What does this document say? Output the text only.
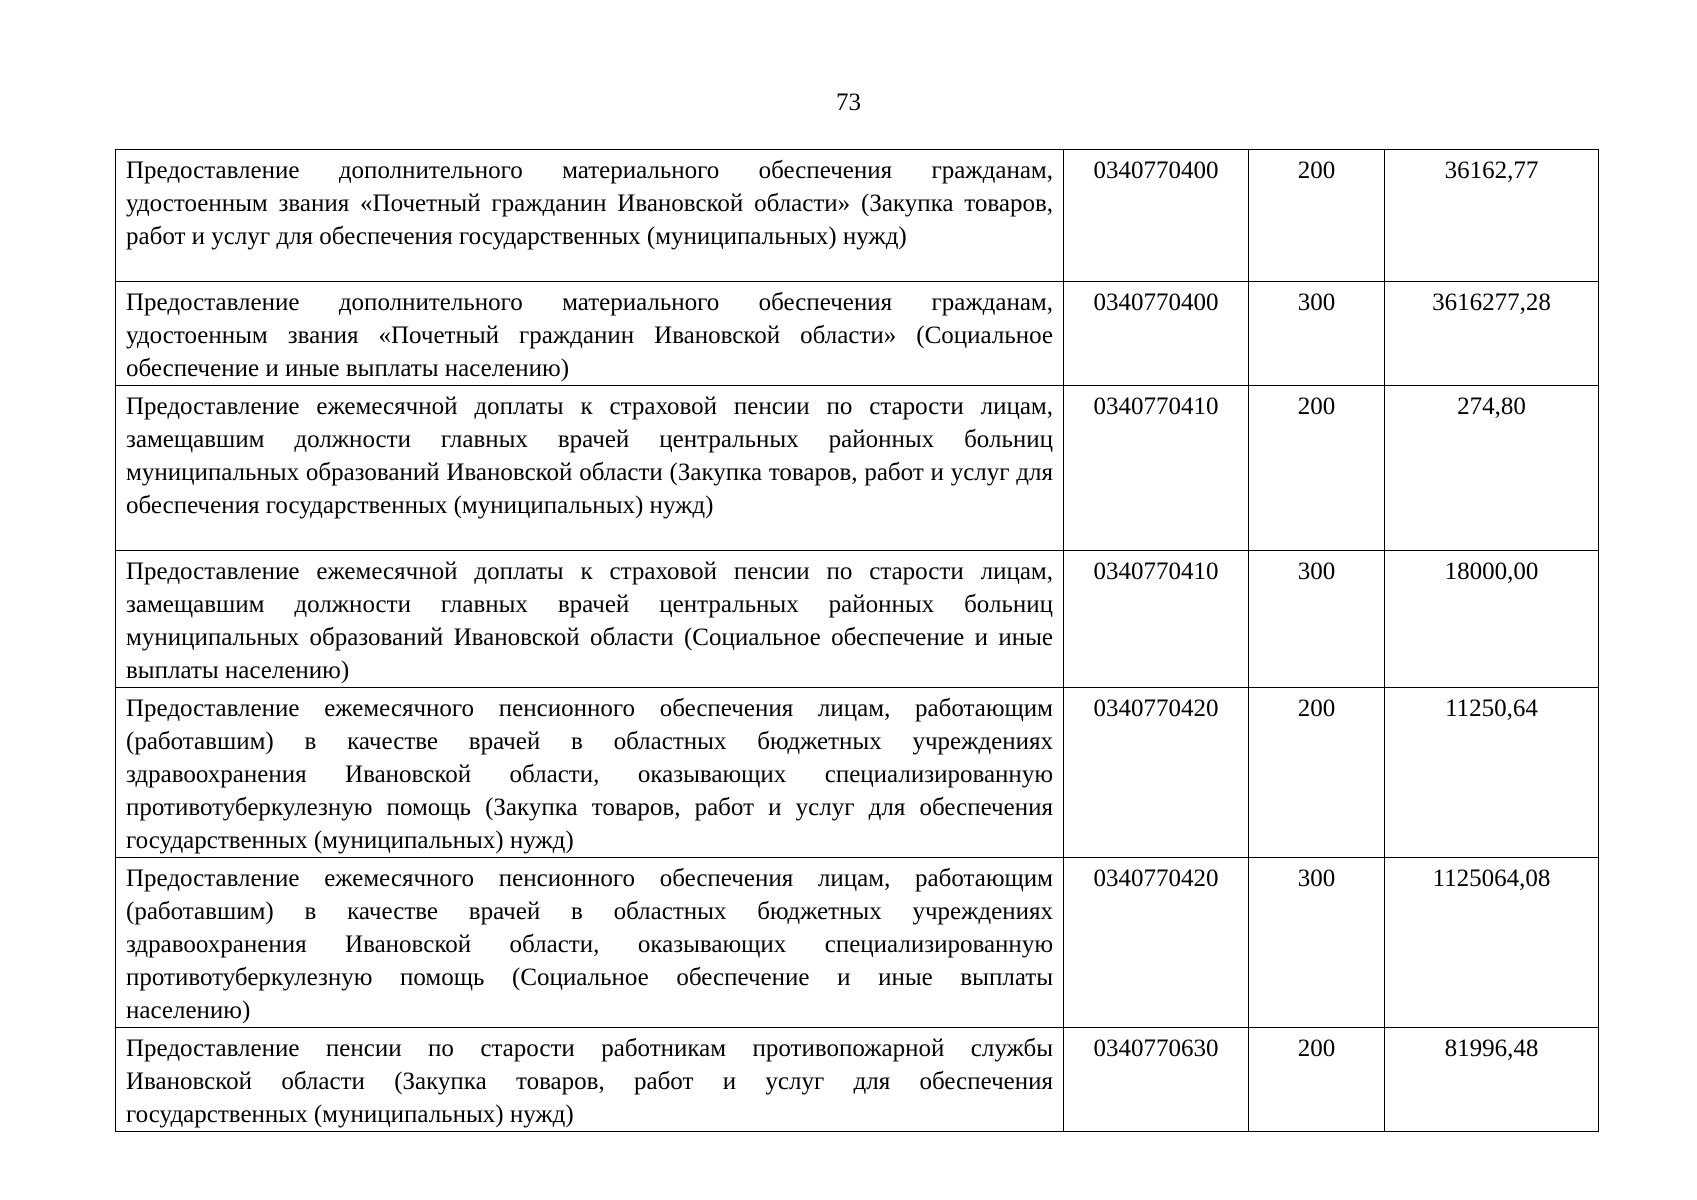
73
Предоставление дополнительного материального обеспечения гражданам, удостоенным звания «Почетный гражданин Ивановской области» (Закупка товаров, работ и услуг для обеспечения государственных (муниципальных) нужд)	0340770400	200	36162,77
Предоставление дополнительного материального обеспечения гражданам, удостоенным звания «Почетный гражданин Ивановской области» (Социальное обеспечение и иные выплаты населению)	0340770400	300	3616277,28
Предоставление ежемесячной доплаты к страховой пенсии по старости лицам, замещавшим должности главных врачей центральных районных больниц муниципальных образований Ивановской области (Закупка товаров, работ и услуг для обеспечения государственных (муниципальных) нужд)	0340770410	200	274,80
Предоставление ежемесячной доплаты к страховой пенсии по старости лицам, замещавшим должности главных врачей центральных районных больниц муниципальных образований Ивановской области (Социальное обеспечение и иные выплаты населению)	0340770410	300	18000,00
Предоставление ежемесячного пенсионного обеспечения лицам, работающим (работавшим) в качестве врачей в областных бюджетных учреждениях здравоохранения Ивановской области, оказывающих специализированную противотуберкулезную помощь (Закупка товаров, работ и услуг для обеспечения государственных (муниципальных) нужд)	0340770420	200	11250,64
Предоставление ежемесячного пенсионного обеспечения лицам, работающим (работавшим) в качестве врачей в областных бюджетных учреждениях здравоохранения Ивановской области, оказывающих специализированную противотуберкулезную помощь (Социальное обеспечение и иные выплаты населению)	0340770420	300	1125064,08
Предоставление пенсии по старости работникам противопожарной службы Ивановской области (Закупка товаров, работ и услуг для обеспечения государственных (муниципальных) нужд)	0340770630	200	81996,48
